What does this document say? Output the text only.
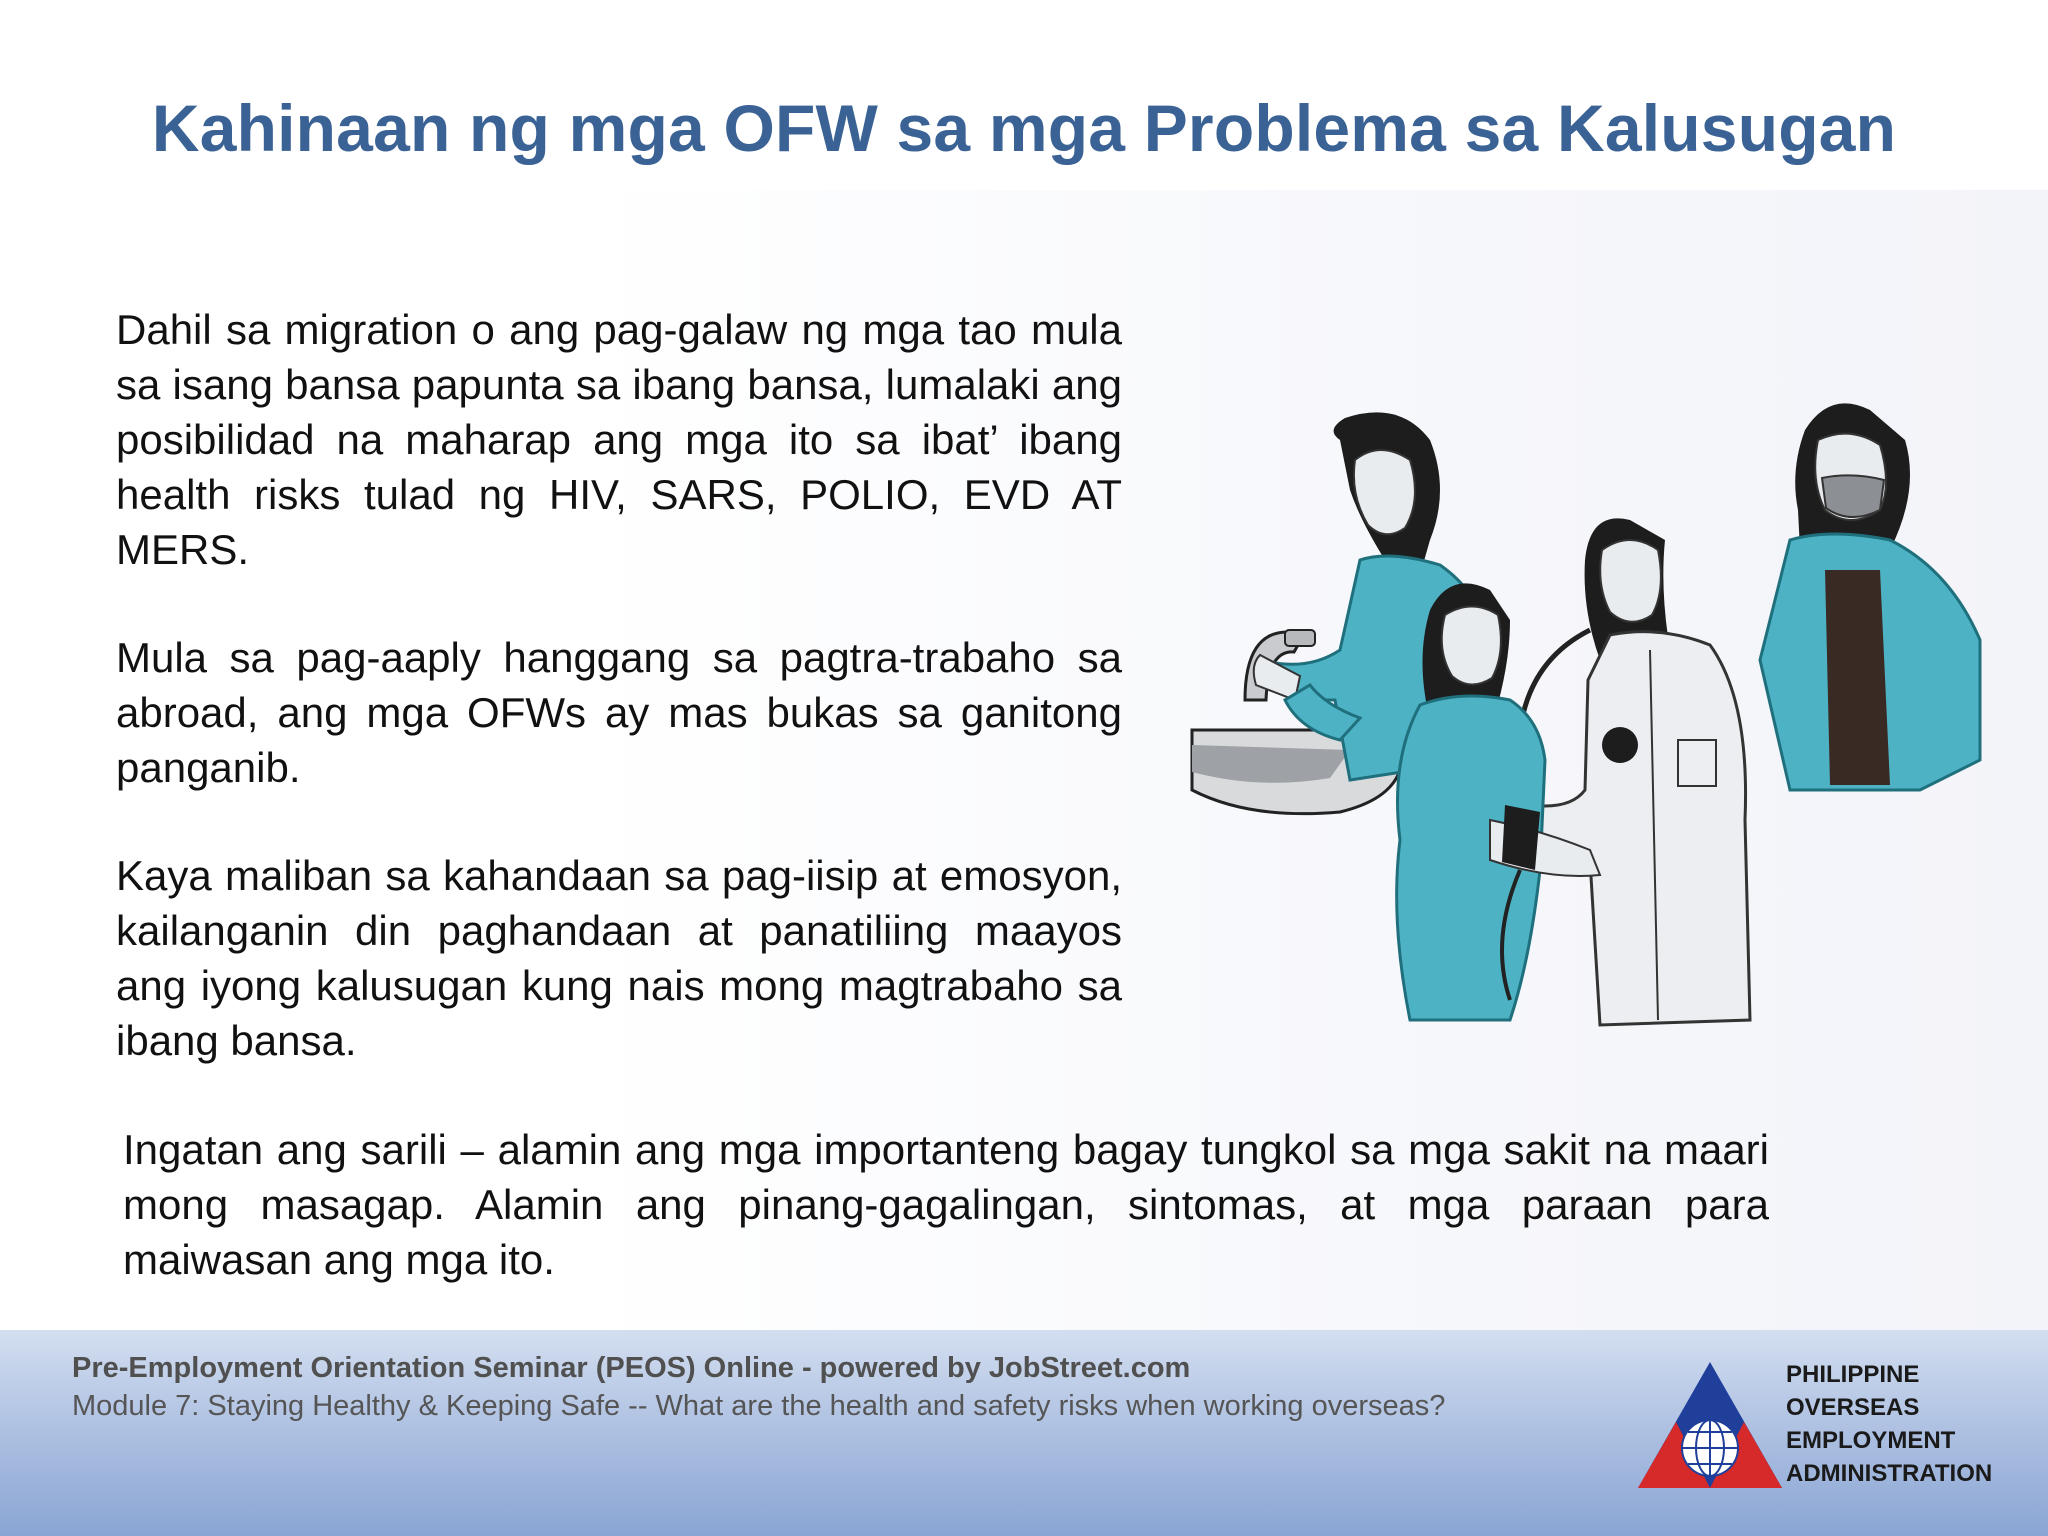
Kahinaan ng mga OFW sa mga Problema sa Kalusugan
Dahil sa migration o ang pag-galaw ng mga tao mula sa isang bansa papunta sa ibang bansa, lumalaki ang posibilidad na maharap ang mga ito sa ibat’ ibang health risks tulad ng HIV, SARS, POLIO, EVD AT MERS.
Mula sa pag-aaply hanggang sa pagtra-trabaho sa abroad, ang mga OFWs ay mas bukas sa ganitong panganib.
Kaya maliban sa kahandaan sa pag-iisip at emosyon, kailanganin din paghandaan at panatiliing maayos ang iyong kalusugan kung nais mong magtrabaho sa ibang bansa.
Ingatan ang sarili – alamin ang mga importanteng bagay tungkol sa mga sakit na maari mong masagap. Alamin ang pinang-gagalingan, sintomas, at mga paraan para maiwasan ang mga ito.
Pre-Employment Orientation Seminar (PEOS) Online - powered by JobStreet.com
Module 7: Staying Healthy & Keeping Safe -- What are the health and safety risks when working overseas?
PHILIPPINE
OVERSEAS
EMPLOYMENT
ADMINISTRATION
